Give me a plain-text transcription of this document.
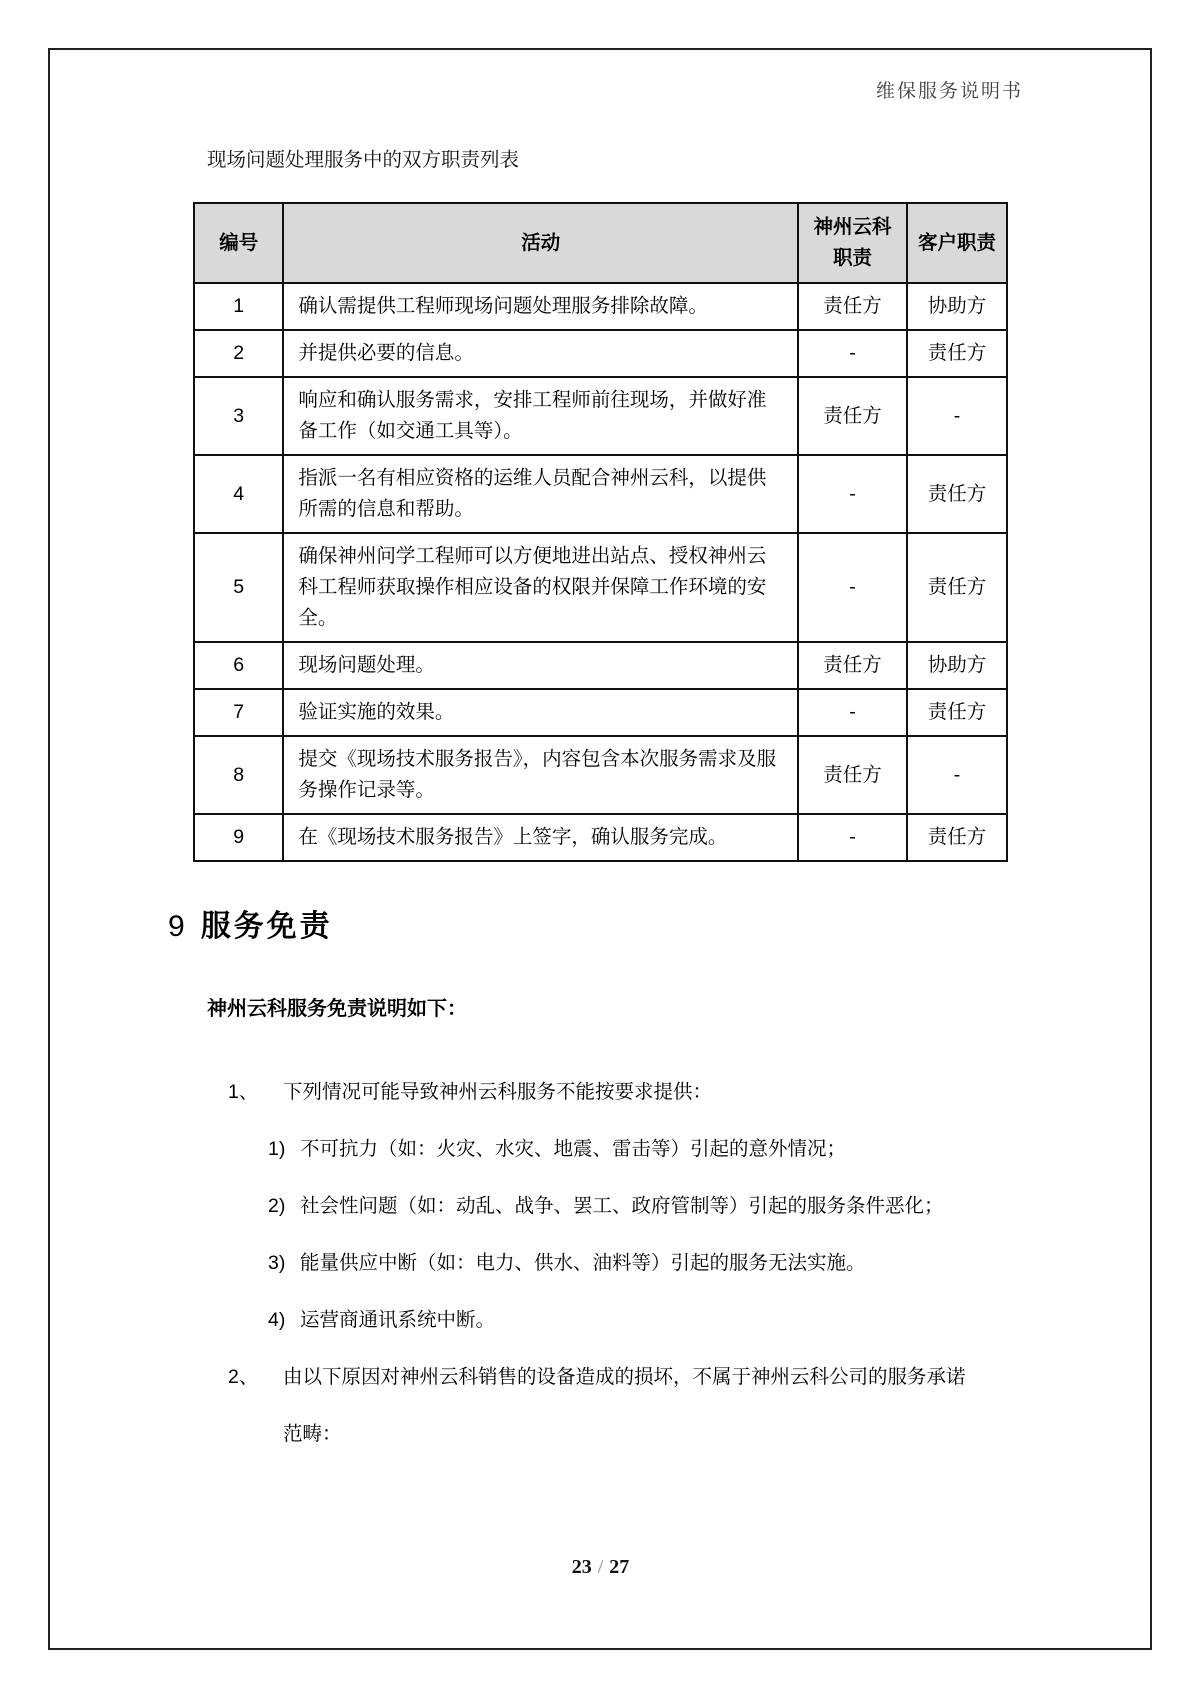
维保服务说明书

现场问题处理服务中的双方职责列表

编号	活动	神州云科职责	客户职责
1	确认需提供工程师现场问题处理服务排除故障。	责任方	协助方
2	并提供必要的信息。	-	责任方
3	响应和确认服务需求，安排工程师前往现场，并做好准备工作（如交通工具等）。	责任方	-
4	指派一名有相应资格的运维人员配合神州云科，以提供所需的信息和帮助。	-	责任方
5	确保神州问学工程师可以方便地进出站点、授权神州云科工程师获取操作相应设备的权限并保障工作环境的安全。	-	责任方
6	现场问题处理。	责任方	协助方
7	验证实施的效果。	-	责任方
8	提交《现场技术服务报告》，内容包含本次服务需求及服务操作记录等。	责任方	-
9	在《现场技术服务报告》上签字，确认服务完成。	-	责任方
9 服务免责

神州云科服务免责说明如下：

1、	下列情况可能导致神州云科服务不能按要求提供：
1) 不可抗力（如：火灾、水灾、地震、雷击等）引起的意外情况；
2) 社会性问题（如：动乱、战争、罢工、政府管制等）引起的服务条件恶化；
3) 能量供应中断（如：电力、供水、油料等）引起的服务无法实施。
4) 运营商通讯系统中断。
2、	由以下原因对神州云科销售的设备造成的损坏，不属于神州云科公司的服务承诺范畴：
23 / 27
